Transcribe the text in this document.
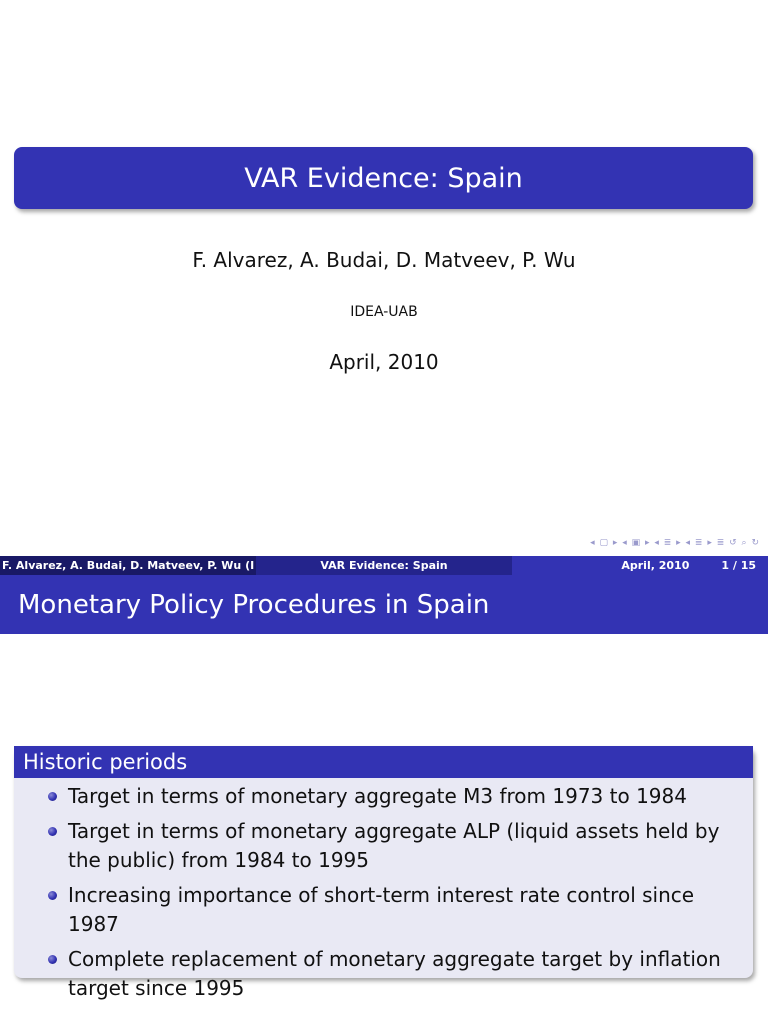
VAR Evidence: Spain
F. Alvarez, A. Budai, D. Matveev, P. Wu
IDEA-UAB
April, 2010
◂ ▢ ▸ ◂ ▣ ▸ ◂ ≣ ▸ ◂ ≣ ▸ ≣ ↺ ⌕ ↻
F. Alvarez, A. Budai, D. Matveev, P. Wu (I	VAR Evidence: Spain	April, 2010	1 / 15
Monetary Policy Procedures in Spain
Historic periods
Target in terms of monetary aggregate M3 from 1973 to 1984
Target in terms of monetary aggregate ALP (liquid assets held by the public) from 1984 to 1995
Increasing importance of short-term interest rate control since 1987
Complete replacement of monetary aggregate target by inflation target since 1995
